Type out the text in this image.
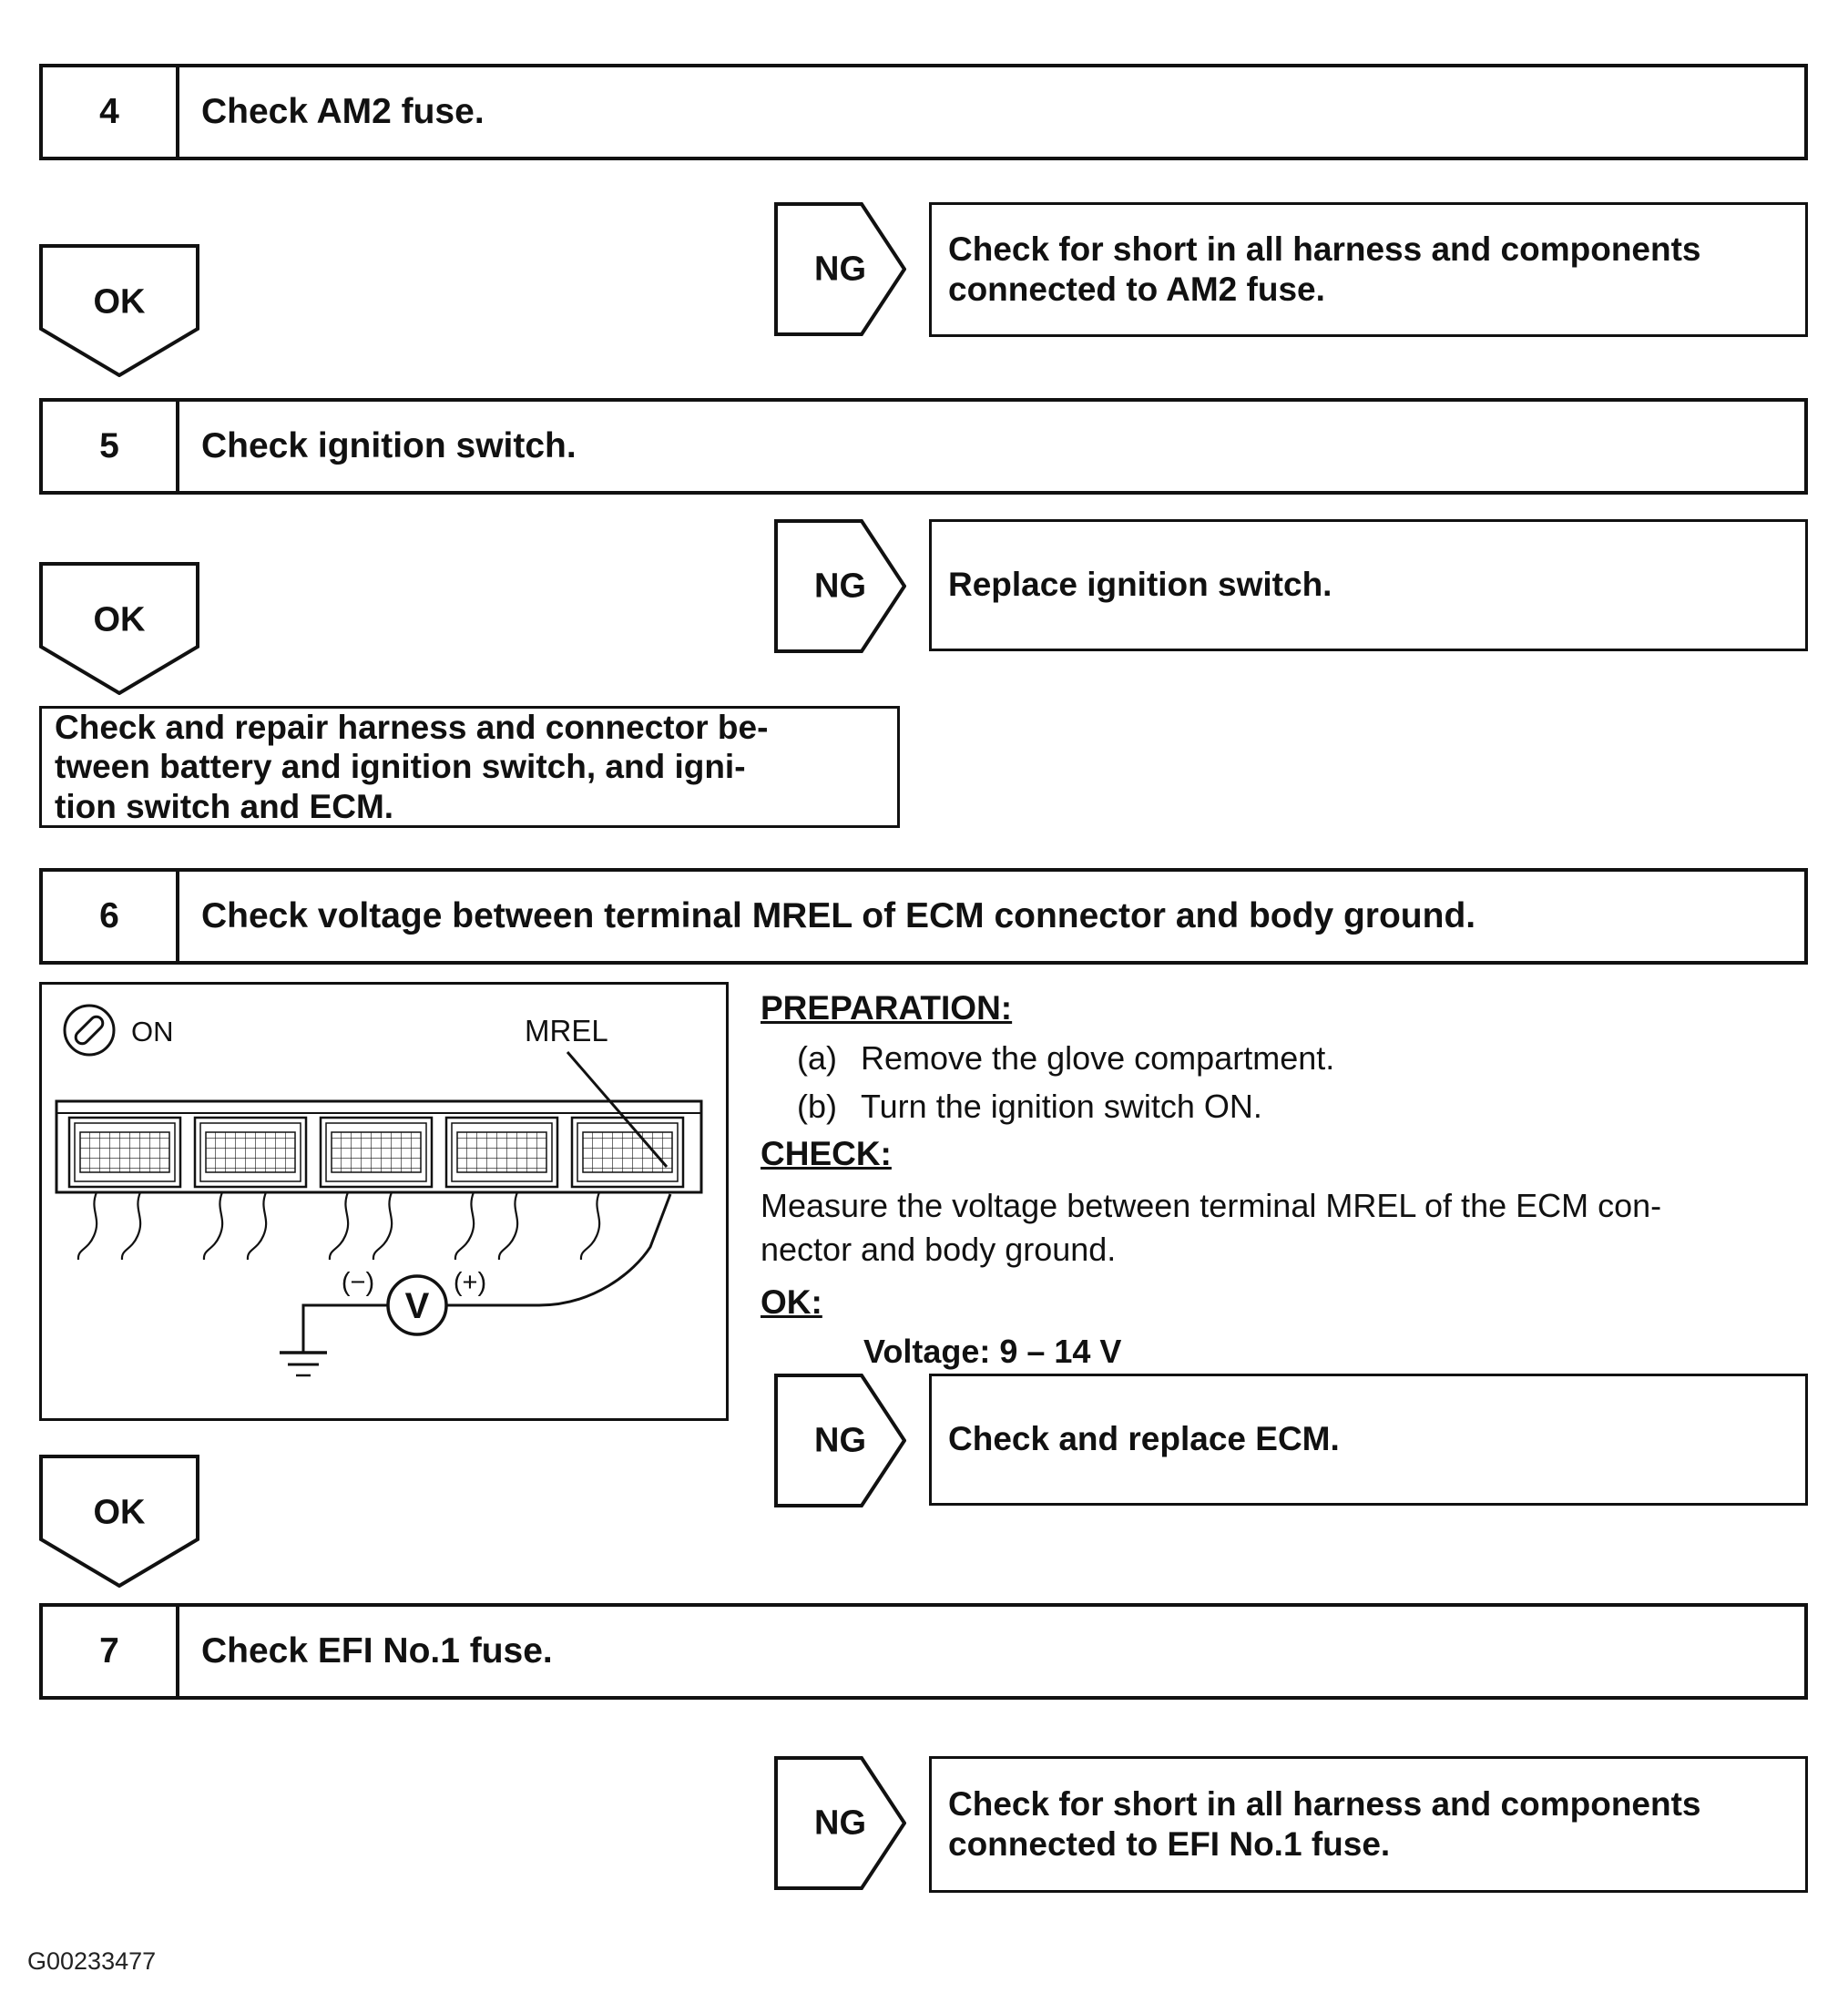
4	Check AM2 fuse.
NG
Check for short in all harness and components
connected to AM2 fuse.
OK
5	Check ignition switch.
NG	Replace ignition switch.
OK
Check and repair harness and connector be-
tween battery and ignition switch, and igni-
tion switch and ECM.
6	Check voltage between terminal MREL of ECM connector and body ground.
ON	MREL
V
(−)	(+)
PREPARATION:
(a) Remove the glove compartment.
(b) Turn the ignition switch ON.
CHECK:
Measure the voltage between terminal MREL of the ECM con-
nector and body ground.
OK:
Voltage: 9 – 14 V
NG	Check and replace ECM.
OK
7	Check EFI No.1 fuse.
NG	Check for short in all harness and components
connected to EFI No.1 fuse.
G00233477
